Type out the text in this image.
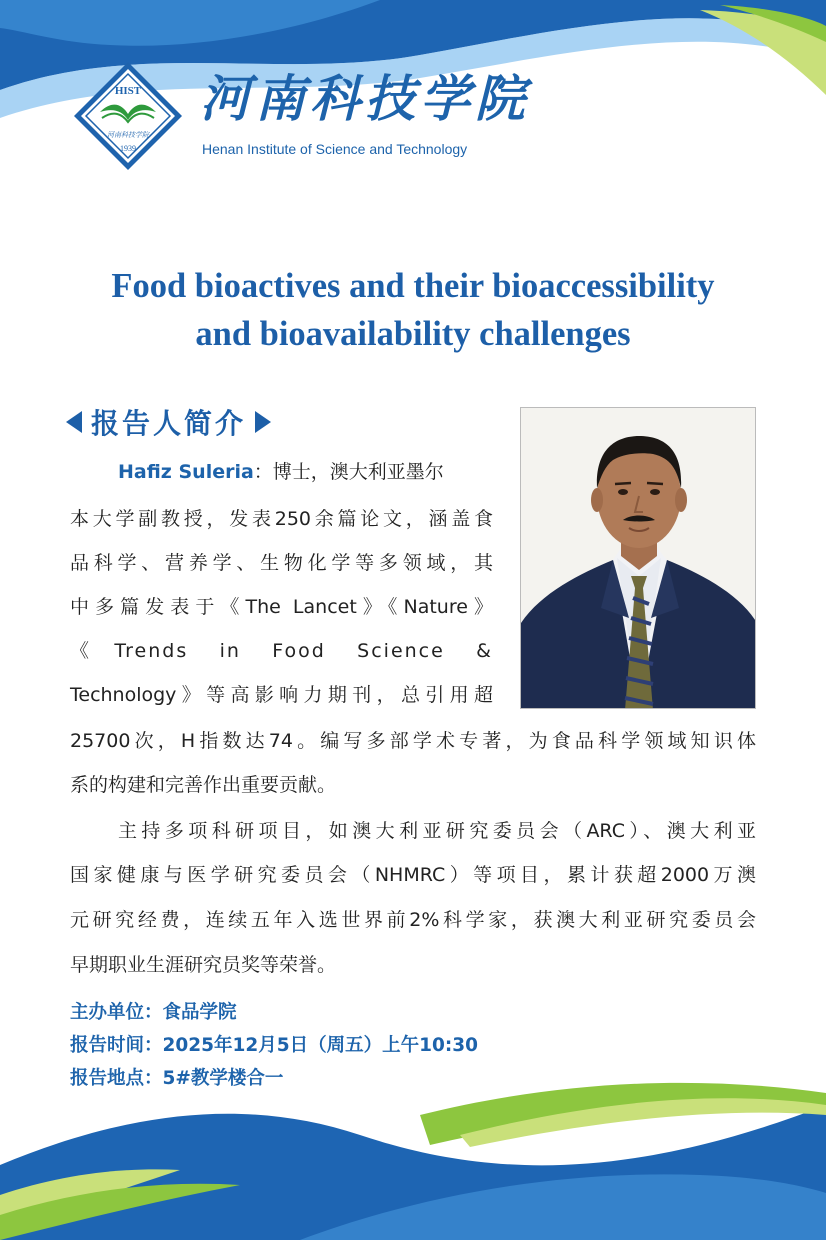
HIST
河南科技学院
1939
河南科技学院
Henan Institute of Science and Technology
Food bioactives and their bioaccessibility
and bioavailability challenges
报告人简介
Hafiz Suleria：博士，澳大利亚墨尔
本大学副教授，发表250余篇论文，涵盖食
品科学、营养学、生物化学等多领域，其
中多篇发表于《The Lancet》《Nature》
《Trends in Food Science &
Technology》等高影响力期刊，总引用超
25700次，H指数达74。编写多部学术专著，为食品科学领域知识体
系的构建和完善作出重要贡献。
主持多项科研项目，如澳大利亚研究委员会（ARC）、澳大利亚
国家健康与医学研究委员会（NHMRC）等项目，累计获超2000万澳
元研究经费，连续五年入选世界前2%科学家，获澳大利亚研究委员会
早期职业生涯研究员奖等荣誉。
主办单位：食品学院
报告时间：2025年12月5日（周五）上午10:30
报告地点：5#教学楼合一
